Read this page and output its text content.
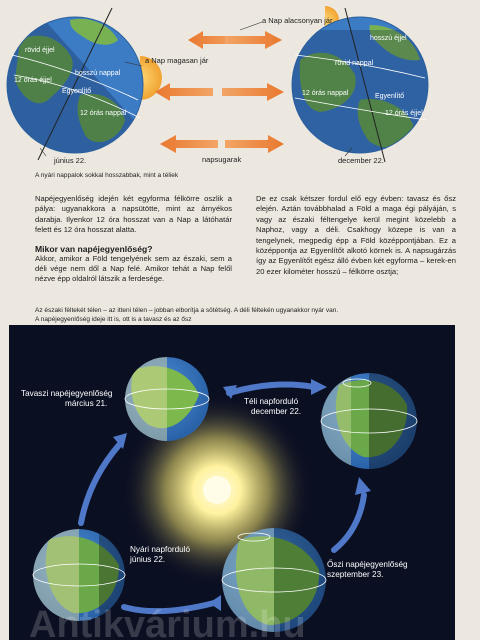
rövid éjjel
hosszú nappal
Egyenlítő
12 órás éjjel
12 órás nappal
hosszú éjjel
rövid nappal
Egyenlítő
12 órás nappal
12 órás éjjel
a Nap alacsonyan jár
a Nap magasan jár
napsugarak
június 22.	december 22.
A nyári nappalok sokkal hosszabbak, mint a téliek

Napéjegyenlőség idején két egyforma félkörre oszlik a pálya: ugyanakkora a napsütötte, mint az árnyékos darabja. Ilyenkor 12 óra hosszat van a Nap a látóhatár felett és 12 óra hosszat alatta.

Mikor van napéjegyenlőség?

Akkor, amikor a Föld tengelyének sem az északi, sem a déli vége nem dől a Nap felé. Amikor tehát a Nap felől nézve épp oldalról látszik a ferdesége.

De ez csak kétszer fordul elő egy évben: tavasz és ősz elején. Aztán továbbhalad a Föld a maga égi pályáján, s vagy az északi féltengelye kerül megint közelebb a Naphoz, vagy a déli. Csakhogy közepe is van a tengelynek, megpedig épp a Föld középpontjában. Ez a középpontja az Egyenlítőt alkotó körnek is. A napsugárzás így az Egyenlítőt egész álló évben két egyforma – kerek-en 20 ezer kilométer hosszú – félkörre osztja;

Az északi féltekét télen – az itteni télen – jobban elborítja a sötétség. A déli féltekén ugyanakkor nyár van.
A napéjegyenlőség ideje itt is, ott is a tavasz és az ősz
Antikvárium.hu
Tavaszi napéjegyenlőség
március 21.	Téli napforduló
december 22.
Nyári napforduló
június 22.
Őszi napéjegyenlőség
szeptember 23.
